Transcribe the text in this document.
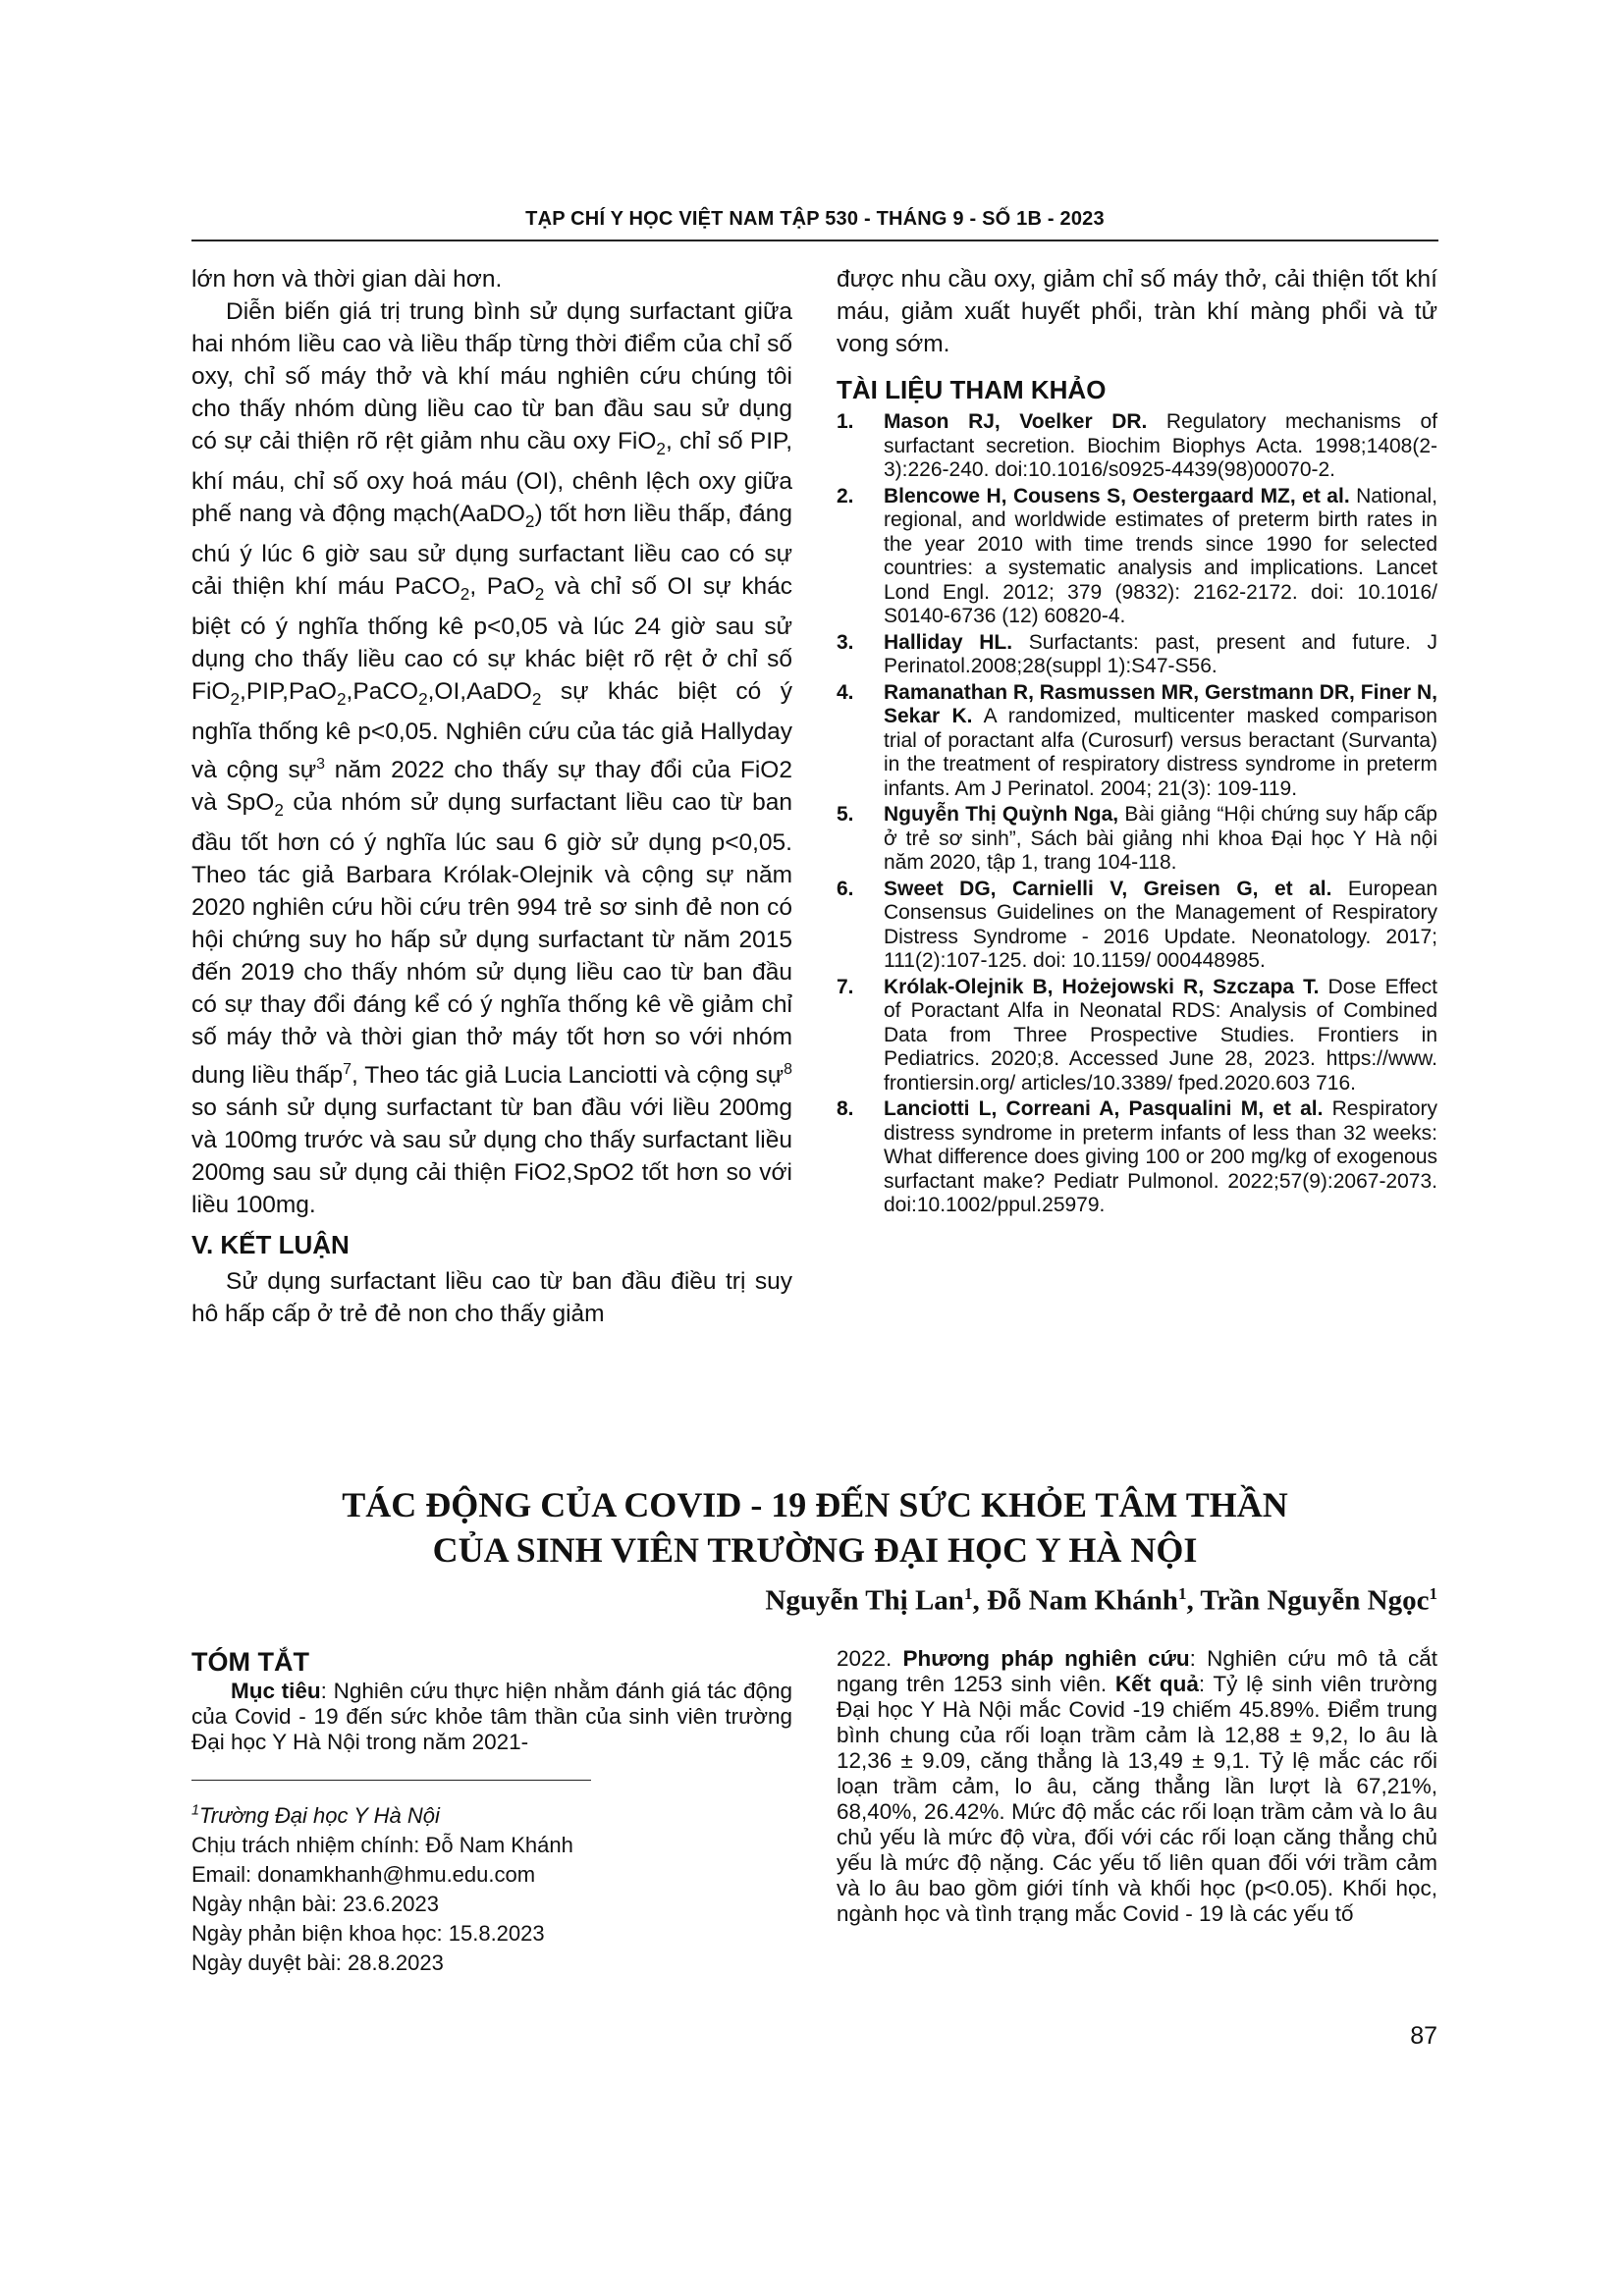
TẠP CHÍ Y HỌC VIỆT NAM TẬP 530 - THÁNG 9 - SỐ 1B - 2023

lớn hơn và thời gian dài hơn.

Diễn biến giá trị trung bình sử dụng surfactant giữa hai nhóm liều cao và liều thấp từng thời điểm của chỉ số oxy, chỉ số máy thở và khí máu nghiên cứu chúng tôi cho thấy nhóm dùng liều cao từ ban đầu sau sử dụng có sự cải thiện rõ rệt giảm nhu cầu oxy FiO$_2$, chỉ số PIP, khí máu, chỉ số oxy hoá máu (OI), chênh lệch oxy giữa phế nang và động mạch(AaDO$_2$) tốt hơn liều thấp, đáng chú ý lúc 6 giờ sau sử dụng surfactant liều cao có sự cải thiện khí máu PaCO$_2$, PaO$_2$ và chỉ số OI sự khác biệt có ý nghĩa thống kê p<0,05 và lúc 24 giờ sau sử dụng cho thấy liều cao có sự khác biệt rõ rệt ở chỉ số FiO$_2$,PIP,PaO$_2$,PaCO$_2$,OI,AaDO$_2$ sự khác biệt có ý nghĩa thống kê p<0,05. Nghiên cứu của tác giả Hallyday và cộng sự$^3$ năm 2022 cho thấy sự thay đổi của FiO2 và SpO$_2$ của nhóm sử dụng surfactant liều cao từ ban đầu tốt hơn có ý nghĩa lúc sau 6 giờ sử dụng p<0,05. Theo tác giả Barbara Królak-Olejnik và cộng sự năm 2020 nghiên cứu hồi cứu trên 994 trẻ sơ sinh đẻ non có hội chứng suy ho hấp sử dụng surfactant từ năm 2015 đến 2019 cho thấy nhóm sử dụng liều cao từ ban đầu có sự thay đổi đáng kể có ý nghĩa thống kê về giảm chỉ số máy thở và thời gian thở máy tốt hơn so với nhóm dung liều thấp$^7$, Theo tác giả Lucia Lanciotti và cộng sự$^8$ so sánh sử dụng surfactant từ ban đầu với liều 200mg và 100mg trước và sau sử dụng cho thấy surfactant liều 200mg sau sử dụng cải thiện FiO2,SpO2 tốt hơn so với liều 100mg.

V. KẾT LUẬN

Sử dụng surfactant liều cao từ ban đầu điều trị suy hô hấp cấp ở trẻ đẻ non cho thấy giảm

được nhu cầu oxy, giảm chỉ số máy thở, cải thiện tốt khí máu, giảm xuất huyết phổi, tràn khí màng phổi và tử vong sớm.

TÀI LIỆU THAM KHẢO
1.	Mason RJ, Voelker DR. Regulatory mechanisms of surfactant secretion. Biochim Biophys Acta. 1998;1408(2-3):226-240. doi:10.1016/s0925-4439(98)00070-2.
2.	Blencowe H, Cousens S, Oestergaard MZ, et al. National, regional, and worldwide estimates of preterm birth rates in the year 2010 with time trends since 1990 for selected countries: a systematic analysis and implications. Lancet Lond Engl. 2012; 379 (9832): 2162-2172. doi: 10.1016/ S0140-6736 (12) 60820-4.
3.	Halliday HL. Surfactants: past, present and future. J Perinatol.2008;28(suppl 1):S47-S56.
4.	Ramanathan R, Rasmussen MR, Gerstmann DR, Finer N, Sekar K. A randomized, multicenter masked comparison trial of poractant alfa (Curosurf) versus beractant (Survanta) in the treatment of respiratory distress syndrome in preterm infants. Am J Perinatol. 2004; 21(3): 109-119.
5.	Nguyễn Thị Quỳnh Nga, Bài giảng “Hội chứng suy hấp cấp ở trẻ sơ sinh”, Sách bài giảng nhi khoa Đại học Y Hà nội năm 2020, tập 1, trang 104-118.
6.	Sweet DG, Carnielli V, Greisen G, et al. European Consensus Guidelines on the Management of Respiratory Distress Syndrome - 2016 Update. Neonatology. 2017; 111(2):107-125. doi: 10.1159/ 000448985.
7.	Królak-Olejnik B, Hożejowski R, Szczapa T. Dose Effect of Poractant Alfa in Neonatal RDS: Analysis of Combined Data from Three Prospective Studies. Frontiers in Pediatrics. 2020;8. Accessed June 28, 2023. https://www. frontiersin.org/ articles/10.3389/ fped.2020.603 716.
8.	Lanciotti L, Correani A, Pasqualini M, et al. Respiratory distress syndrome in preterm infants of less than 32 weeks: What difference does giving 100 or 200 mg/kg of exogenous surfactant make? Pediatr Pulmonol. 2022;57(9):2067-2073. doi:10.1002/ppul.25979.
TÁC ĐỘNG CỦA COVID - 19 ĐẾN SỨC KHỎE TÂM THẦN
CỦA SINH VIÊN TRƯỜNG ĐẠI HỌC Y HÀ NỘI
Nguyễn Thị Lan$^1$, Đỗ Nam Khánh$^1$, Trần Nguyễn Ngọc$^1$
TÓM TẮT

Mục tiêu: Nghiên cứu thực hiện nhằm đánh giá tác động của Covid - 19 đến sức khỏe tâm thần của sinh viên trường Đại học Y Hà Nội trong năm 2021-

2022. Phương pháp nghiên cứu: Nghiên cứu mô tả cắt ngang trên 1253 sinh viên. Kết quả: Tỷ lệ sinh viên trường Đại học Y Hà Nội mắc Covid -19 chiếm 45.89%. Điểm trung bình chung của rối loạn trầm cảm là 12,88 ± 9,2, lo âu là 12,36 ± 9.09, căng thẳng là 13,49 ± 9,1. Tỷ lệ mắc các rối loạn trầm cảm, lo âu, căng thẳng lần lượt là 67,21%, 68,40%, 26.42%. Mức độ mắc các rối loạn trầm cảm và lo âu chủ yếu là mức độ vừa, đối với các rối loạn căng thẳng chủ yếu là mức độ nặng. Các yếu tố liên quan đối với trầm cảm và lo âu bao gồm giới tính và khối học (p<0.05). Khối học, ngành học và tình trạng mắc Covid - 19 là các yếu tố

$^1$Trường Đại học Y Hà Nội
Chịu trách nhiệm chính: Đỗ Nam Khánh
Email: donamkhanh@hmu.edu.com
Ngày nhận bài: 23.6.2023
Ngày phản biện khoa học: 15.8.2023
Ngày duyệt bài: 28.8.2023
87
